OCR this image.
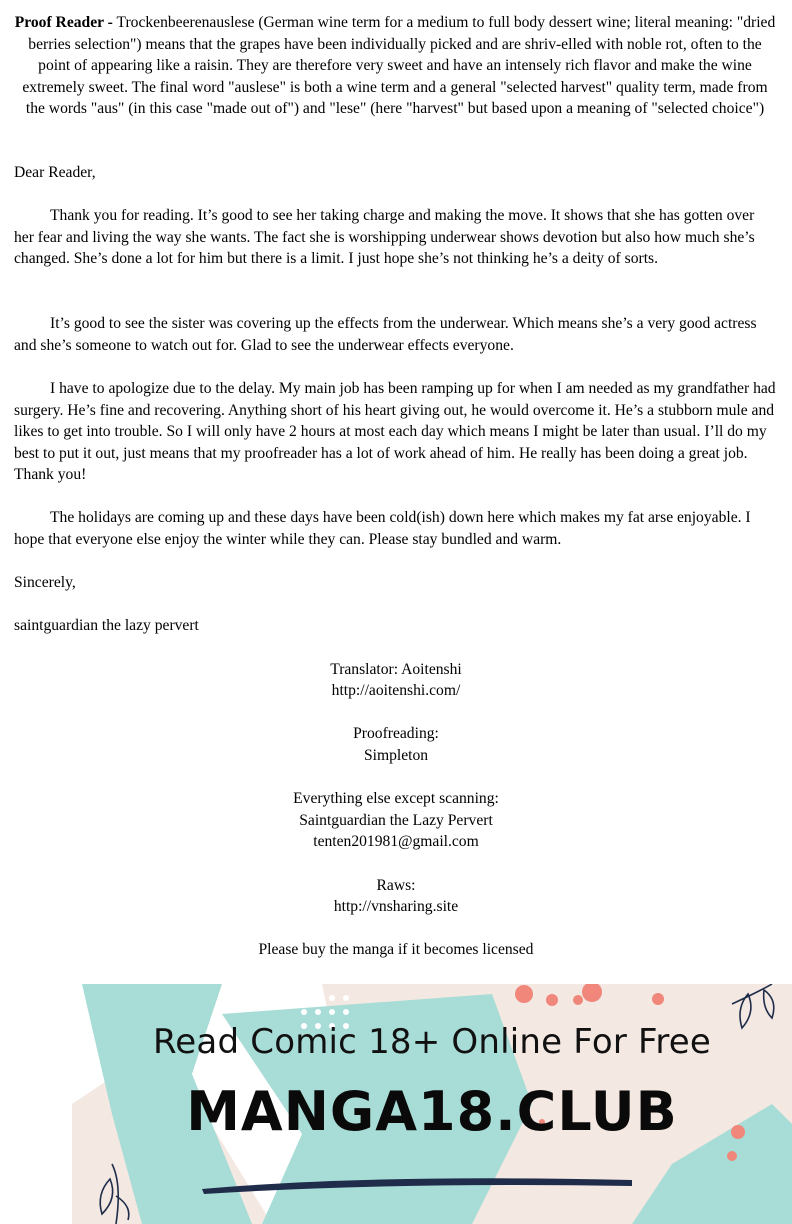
Proof Reader - Trockenbeerenauslese (German wine term for a medium to full body dessert wine; literal meaning: "dried berries selection") means that the grapes have been individually picked and are shriv-elled with noble rot, often to the point of appearing like a raisin. They are therefore very sweet and have an intensely rich flavor and make the wine extremely sweet. The final word "auslese" is both a wine term and a general "selected harvest" quality term, made from the words "aus" (in this case "made out of") and "lese" (here "harvest" but based upon a meaning of "selected choice")

Dear Reader,

Thank you for reading. It’s good to see her taking charge and making the move. It shows that she has gotten over her fear and living the way she wants. The fact she is worshipping underwear shows devotion but also how much she’s changed. She’s done a lot for him but there is a limit. I just hope she’s not thinking he’s a deity of sorts.

It’s good to see the sister was covering up the effects from the underwear. Which means she’s a very good actress and she’s someone to watch out for. Glad to see the underwear effects everyone.

I have to apologize due to the delay. My main job has been ramping up for when I am needed as my grandfather had surgery. He’s fine and recovering. Anything short of his heart giving out, he would overcome it. He’s a stubborn mule and likes to get into trouble. So I will only have 2 hours at most each day which means I might be later than usual. I’ll do my best to put it out, just means that my proofreader has a lot of work ahead of him. He really has been doing a great job. Thank you!

The holidays are coming up and these days have been cold(ish) down here which makes my fat arse enjoyable. I hope that everyone else enjoy the winter while they can. Please stay bundled and warm.

Sincerely,

saintguardian the lazy pervert

Translator: Aoitenshi

http://aoitenshi.com/

Proofreading:

Simpleton

Everything else except scanning:

Saintguardian the Lazy Pervert

tenten201981@gmail.com

Raws:

http://vnsharing.site

Please buy the manga if it becomes licensed

Read Comic 18+ Online For Free
MANGA18.CLUB
